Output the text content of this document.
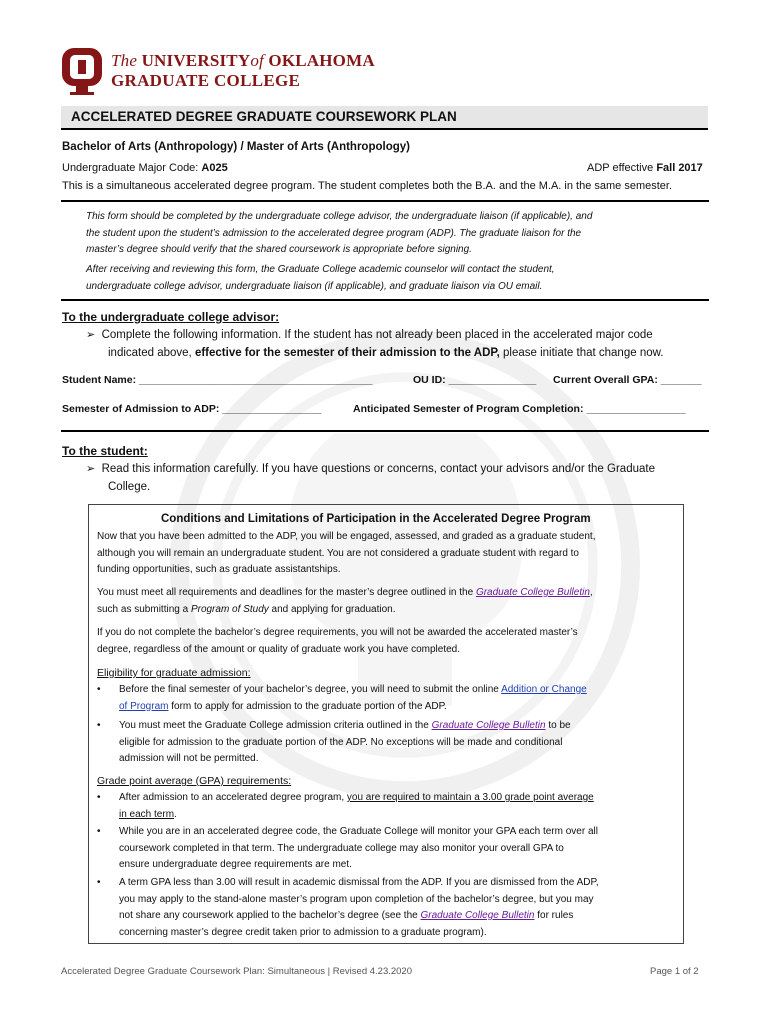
The UNIVERSITYof OKLAHOMA
GRADUATE COLLEGE
ACCELERATED DEGREE GRADUATE COURSEWORK PLAN
Bachelor of Arts (Anthropology) / Master of Arts (Anthropology)
Undergraduate Major Code: A025	ADP effective Fall 2017
This is a simultaneous accelerated degree program. The student completes both the B.A. and the M.A. in the same semester.
This form should be completed by the undergraduate college advisor, the undergraduate liaison (if applicable), and
the student upon the student’s admission to the accelerated degree program (ADP). The graduate liaison for the
master’s degree should verify that the shared coursework is appropriate before signing.
After receiving and reviewing this form, the Graduate College academic counselor will contact the student,
undergraduate college advisor, undergraduate liaison (if applicable), and graduate liaison via OU email.
To the undergraduate college advisor:
➢ Complete the following information. If the student has not already been placed in the accelerated major code
indicated above, effective for the semester of their admission to the ADP, please initiate that change now.
Student Name: ________________________________________	OU ID: _______________ Current Overall GPA: _______
Semester of Admission to ADP: _________________	Anticipated Semester of Program Completion: _________________
To the student:
➢ Read this information carefully. If you have questions or concerns, contact your advisors and/or the Graduate
College.
Conditions and Limitations of Participation in the Accelerated Degree Program
Now that you have been admitted to the ADP, you will be engaged, assessed, and graded as a graduate student,
although you will remain an undergraduate student. You are not considered a graduate student with regard to
funding opportunities, such as graduate assistantships.
You must meet all requirements and deadlines for the master’s degree outlined in the Graduate College Bulletin,
such as submitting a Program of Study and applying for graduation.
If you do not complete the bachelor’s degree requirements, you will not be awarded the accelerated master’s
degree, regardless of the amount or quality of graduate work you have completed.
Eligibility for graduate admission:
• Before the final semester of your bachelor’s degree, you will need to submit the online Addition or Change
of Program form to apply for admission to the graduate portion of the ADP.
• You must meet the Graduate College admission criteria outlined in the Graduate College Bulletin to be
eligible for admission to the graduate portion of the ADP. No exceptions will be made and conditional
admission will not be permitted.
Grade point average (GPA) requirements:
• After admission to an accelerated degree program, you are required to maintain a 3.00 grade point average
in each term.
• While you are in an accelerated degree code, the Graduate College will monitor your GPA each term over all
coursework completed in that term. The undergraduate college may also monitor your overall GPA to
ensure undergraduate degree requirements are met.
• A term GPA less than 3.00 will result in academic dismissal from the ADP. If you are dismissed from the ADP,
you may apply to the stand-alone master’s program upon completion of the bachelor’s degree, but you may
not share any coursework applied to the bachelor’s degree (see the Graduate College Bulletin for rules
concerning master’s degree credit taken prior to admission to a graduate program).
Accelerated Degree Graduate Coursework Plan: Simultaneous | Revised 4.23.2020	Page 1 of 2
